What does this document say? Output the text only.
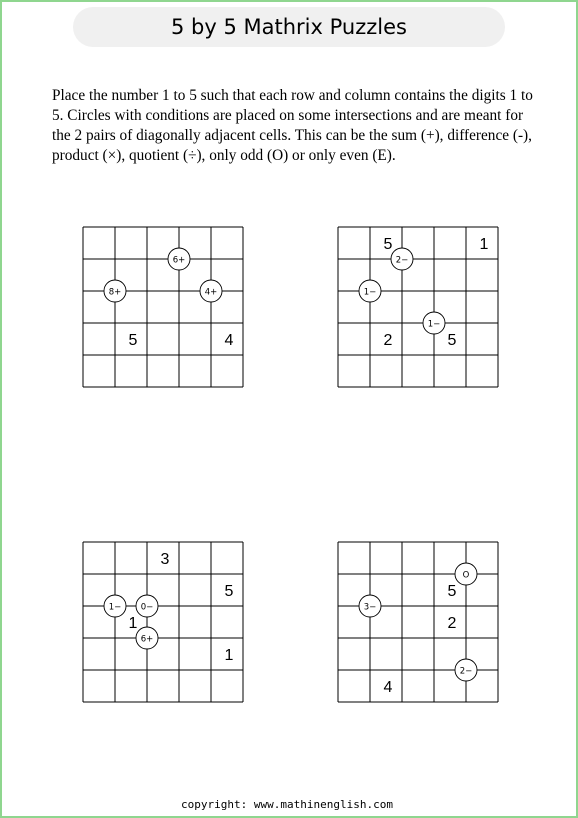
5 by 5 Mathrix Puzzles

Place the number 1 to 5 such that each row and column contains the digits 1 to 5. Circles with conditions are placed on some intersections and are meant for the 2 pairs of diagonally adjacent cells. This can be the sum (+), difference (-), product (×), quotient (÷), only odd (O) or only even (E).

5	4
6+
8+	4+
5	1
2	5
2−
1−
1−
3
5
1
1
1− 0−
6+
5
2
4
O
3−
2−
copyright: www.mathinenglish.com
